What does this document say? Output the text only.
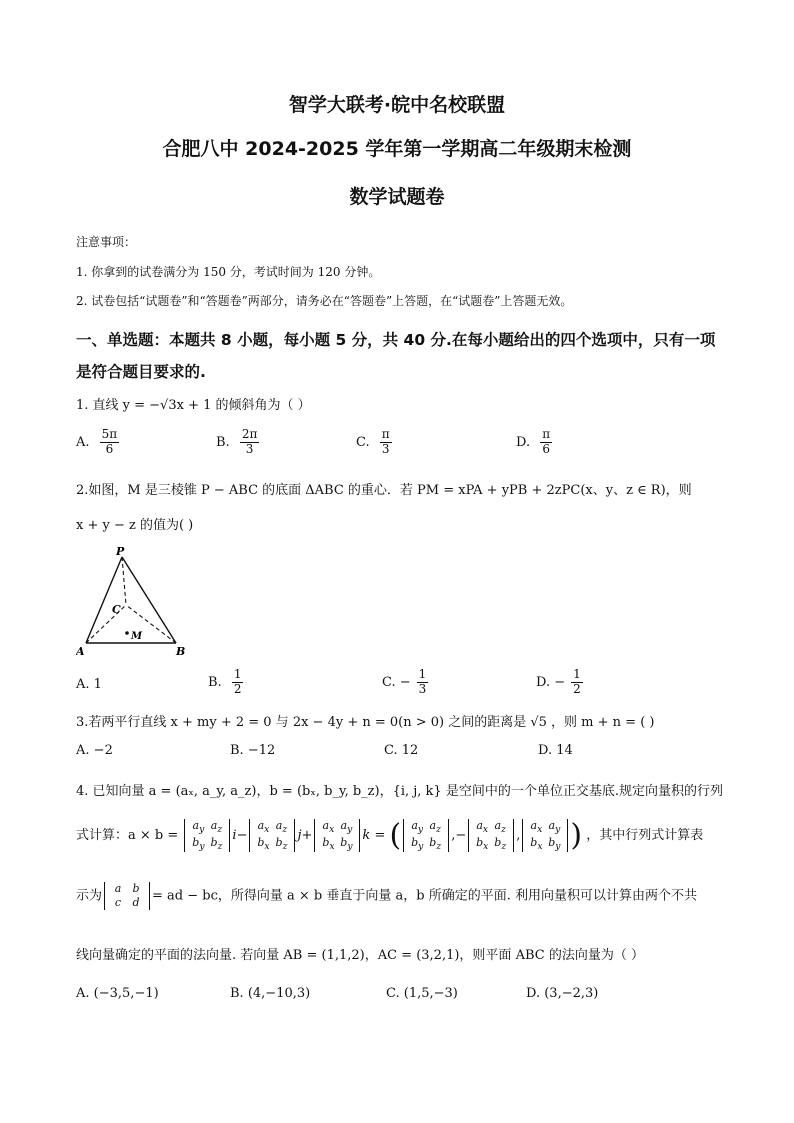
智学大联考·皖中名校联盟
合肥八中 2024-2025 学年第一学期高二年级期末检测
数学试题卷
注意事项：
1. 你拿到的试卷满分为 150 分，考试时间为 120 分钟。
2. 试卷包括“试题卷”和“答题卷”两部分，请务必在“答题卷”上答题，在“试题卷”上答题无效。
一、单选题：本题共 8 小题，每小题 5 分，共 40 分.在每小题给出的四个选项中，只有一项
是符合题目要求的.
1. 直线 y = −√3x + 1 的倾斜角为（ ）
A. $\frac{5\pi}{6}$	B. $\frac{2\pi}{3}$	C. $\frac{\pi}{3}$	D. $\frac{\pi}{6}$
2.如图，M 是三棱锥 P − ABC 的底面 ΔABC 的重心．若 PM = xPA + yPB + 2zPC(x、y、z ∈ R)，则
x + y − z 的值为( )
P
A	B
C
M
A. 1	B. $\frac{1}{2}$	C. − $\frac{1}{3}$	D. − $\frac{1}{2}$
3.若两平行直线 x + my + 2 = 0 与 2x − 4y + n = 0(n > 0) 之间的距离是 √5 ，则 m + n = ( )
A. −2	B. −12	C. 12	D. 14
4. 已知向量 a = (aₓ, a_y, a_z)，b = (bₓ, b_y, b_z)，{i, j, k} 是空间中的一个单位正交基底.规定向量积的行列
式计算：$a \times b = a_y$ $a_z$
$b_y$ $b_zi-a_x$ $a_z$
$b_x$ $b_zj+a_x$ $a_y$
$b_x$ $b_yk$ = ( $a_y$ $a_z$
$b_y$ $b_z,-a_x$ $a_z$
$b_x$ $b_z,a_x$ $a_y$
$b_x$ $b_y$ ) ，其中行列式计算表
示为 a b
c d = ad − bc，所得向量 a × b 垂直于向量 a，b 所确定的平面. 利用向量积可以计算由两个不共
线向量确定的平面的法向量. 若向量 AB = (1,1,2)，AC = (3,2,1)，则平面 ABC 的法向量为（ ）
A. (−3,5,−1)	B. (4,−10,3)	C. (1,5,−3)	D. (3,−2,3)
